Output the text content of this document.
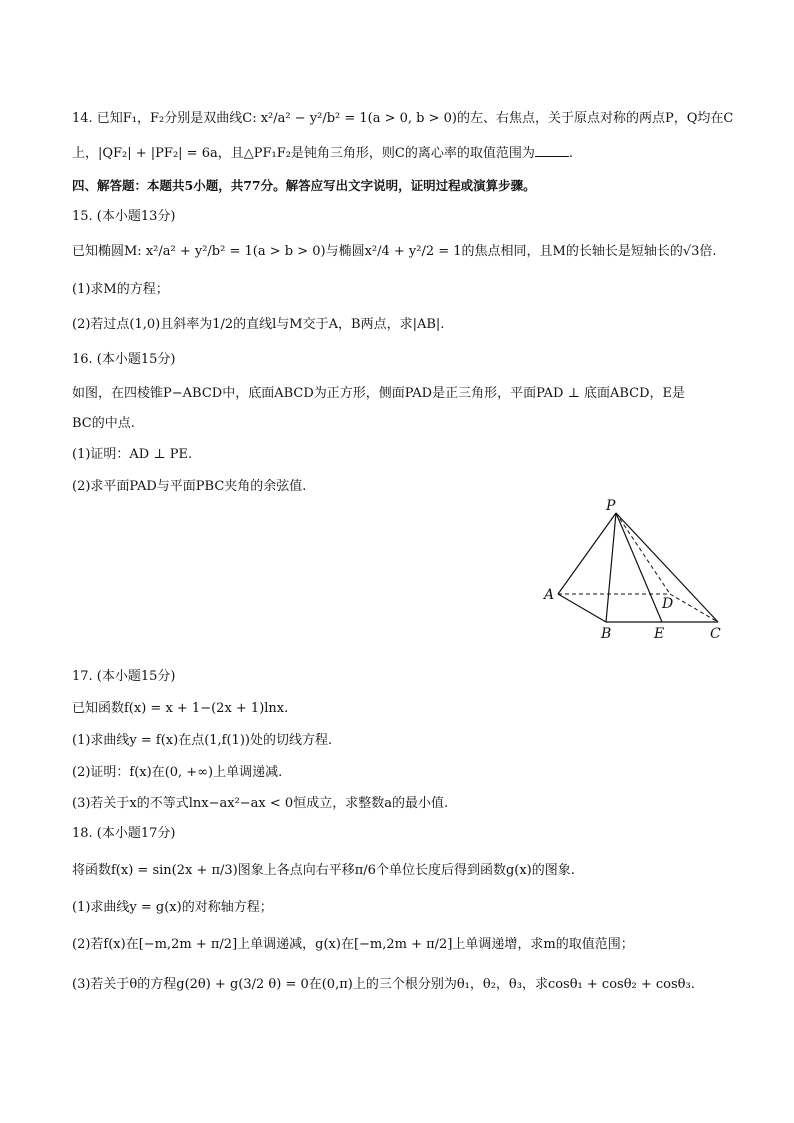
14. 已知F₁，F₂分别是双曲线C: x²/a² − y²/b² = 1(a > 0, b > 0)的左、右焦点，关于原点对称的两点P，Q均在C
上，|QF₂| + |PF₂| = 6a，且△PF₁F₂是钝角三角形，则C的离心率的取值范围为	.
四、解答题：本题共5小题，共77分。解答应写出文字说明，证明过程或演算步骤。
15. (本小题13分)
已知椭圆M: x²/a² + y²/b² = 1(a > b > 0)与椭圆x²/4 + y²/2 = 1的焦点相同，且M的长轴长是短轴长的√3倍.
(1)求M的方程；
(2)若过点(1,0)且斜率为1/2的直线l与M交于A，B两点，求|AB|.
16. (本小题15分)
如图，在四棱锥P−ABCD中，底面ABCD为正方形，侧面PAD是正三角形，平面PAD ⊥ 底面ABCD，E是
BC的中点.
(1)证明：AD ⊥ PE.
(2)求平面PAD与平面PBC夹角的余弦值.
P
A
B	E	C
D
17. (本小题15分)
已知函数f(x) = x + 1−(2x + 1)lnx.
(1)求曲线y = f(x)在点(1,f(1))处的切线方程.
(2)证明：f(x)在(0, +∞)上单调递减.
(3)若关于x的不等式lnx−ax²−ax < 0恒成立，求整数a的最小值.
18. (本小题17分)
将函数f(x) = sin(2x + π/3)图象上各点向右平移π/6个单位长度后得到函数g(x)的图象.
(1)求曲线y = g(x)的对称轴方程；
(2)若f(x)在[−m,2m + π/2]上单调递减，g(x)在[−m,2m + π/2]上单调递增，求m的取值范围；
(3)若关于θ的方程g(2θ) + g(3/2 θ) = 0在(0,π)上的三个根分别为θ₁，θ₂，θ₃，求cosθ₁ + cosθ₂ + cosθ₃.
